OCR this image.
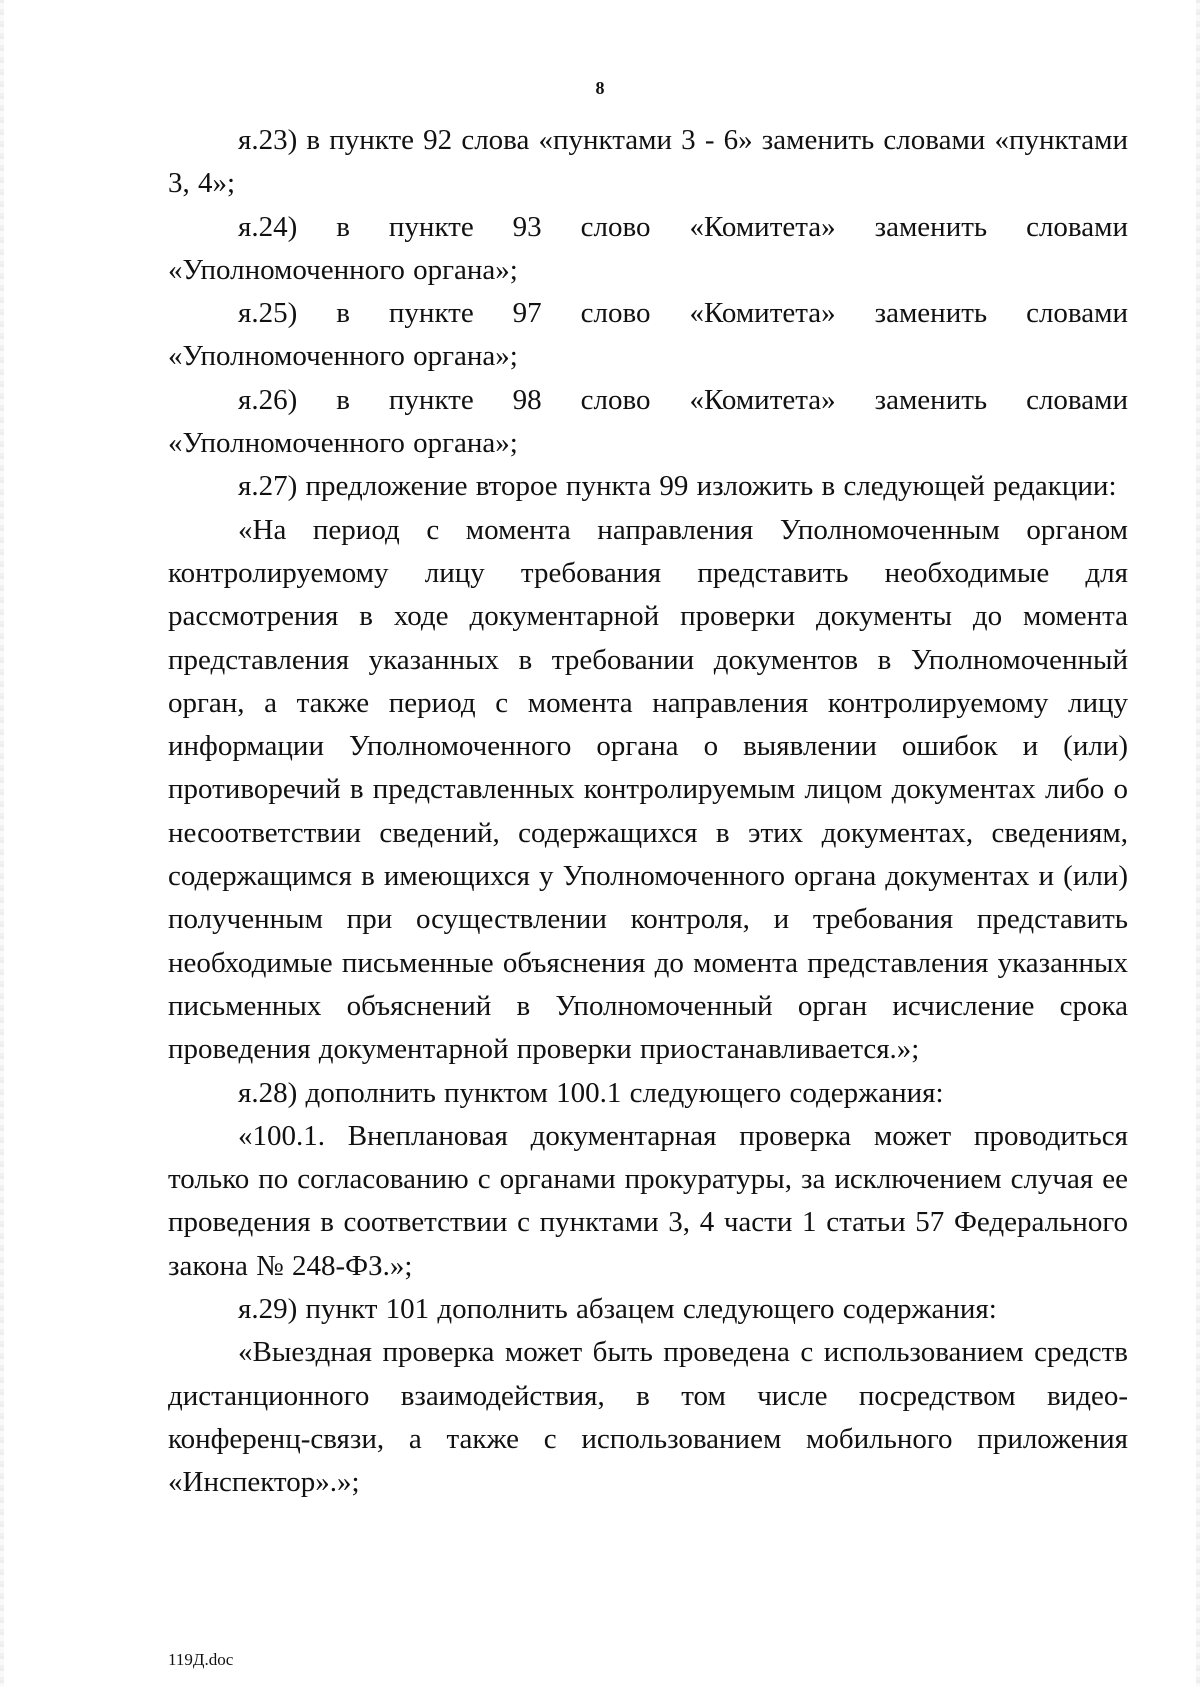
8

я.23) в пункте 92 слова «пунктами 3 - 6» заменить словами «пунктами 3, 4»;

я.24) в пункте 93 слово «Комитета» заменить словами «Уполномоченного органа»;

я.25) в пункте 97 слово «Комитета» заменить словами «Уполномоченного органа»;

я.26) в пункте 98 слово «Комитета» заменить словами «Уполномоченного органа»;

я.27) предложение второе пункта 99 изложить в следующей редакции:

«На период с момента направления Уполномоченным органом контролируемому лицу требования представить необходимые для рассмотрения в ходе документарной проверки документы до момента представления указанных в требовании документов в Уполномоченный орган, а также период с момента направления контролируемому лицу информации Уполномоченного органа о выявлении ошибок и (или) противоречий в представленных контролируемым лицом документах либо о несоответствии сведений, содержащихся в этих документах, сведениям, содержащимся в имеющихся у Уполномоченного органа документах и (или) полученным при осуществлении контроля, и требования представить необходимые письменные объяснения до момента представления указанных письменных объяснений в Уполномоченный орган исчисление срока проведения документарной проверки приостанавливается.»;

я.28) дополнить пунктом 100.1 следующего содержания:

«100.1. Внеплановая документарная проверка может проводиться только по согласованию с органами прокуратуры, за исключением случая ее проведения в соответствии с пунктами 3, 4 части 1 статьи 57 Федерального закона № 248-ФЗ.»;

я.29) пункт 101 дополнить абзацем следующего содержания:

«Выездная проверка может быть проведена с использованием средств дистанционного взаимодействия, в том числе посредством видео-конференц-связи, а также с использованием мобильного приложения «Инспектор».»;

119Д.doc
